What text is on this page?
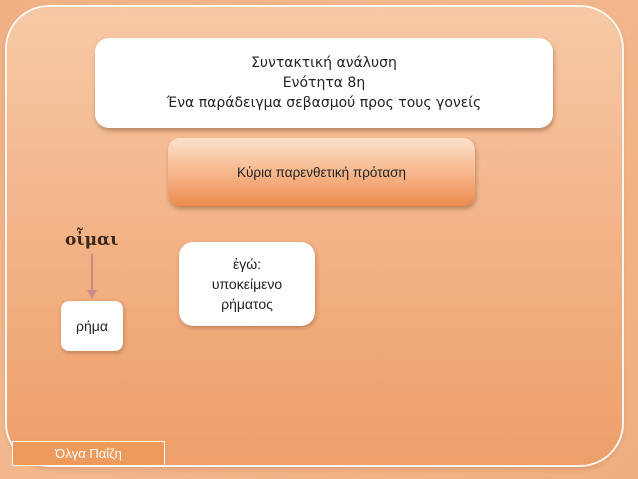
Συντακτική ανάλυση
Ενότητα 8η
Ένα παράδειγμα σεβασμού προς τους γονείς
Κύρια παρενθετική πρόταση
οἶμαι
ρήμα
ἐγώ:
υποκείμενο
ρήματος
Όλγα Παΐζη
